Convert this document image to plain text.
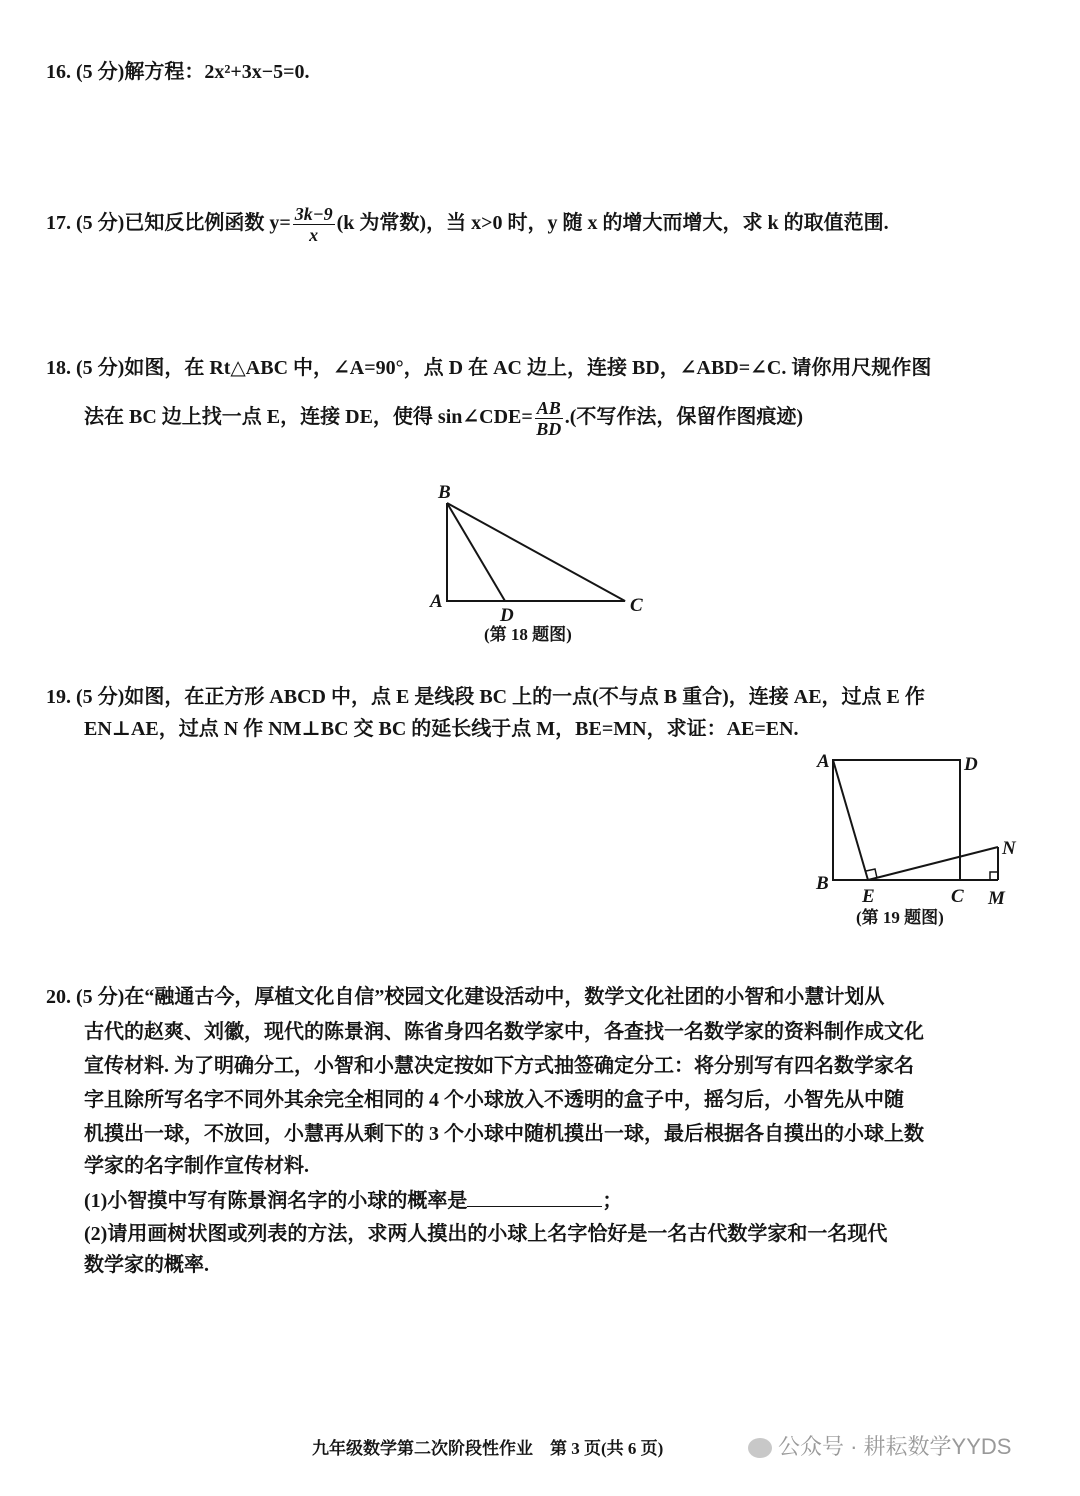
16. (5 分)解方程：2x²+3x−5=0.
17. (5 分)已知反比例函数 $y= \frac{3k-9}{x} (k$ 为常数)，当 x>0 时，y 随 x 的增大而增大，求 k 的取值范围.
18. (5 分)如图，在 Rt△ABC 中，∠A=90°，点 D 在 AC 边上，连接 BD，∠ABD=∠C. 请你用尺规作图
法在 BC 边上找一点 E，连接 DE，使得 sin∠CDE= $\frac{AB}{BD}$ .(不写作法，保留作图痕迹)
B
A
D	C
(第 18 题图)
A	D
B
E	C M
N
(第 19 题图)
19. (5 分)如图，在正方形 ABCD 中，点 E 是线段 BC 上的一点(不与点 B 重合)，连接 AE，过点 E 作
EN⊥AE，过点 N 作 NM⊥BC 交 BC 的延长线于点 M，BE=MN，求证：AE=EN.
20. (5 分)在“融通古今，厚植文化自信”校园文化建设活动中，数学文化社团的小智和小慧计划从
古代的赵爽、刘徽，现代的陈景润、陈省身四名数学家中，各查找一名数学家的资料制作成文化
宣传材料. 为了明确分工，小智和小慧决定按如下方式抽签确定分工：将分别写有四名数学家名
字且除所写名字不同外其余完全相同的 4 个小球放入不透明的盒子中，摇匀后，小智先从中随
机摸出一球，不放回，小慧再从剩下的 3 个小球中随机摸出一球，最后根据各自摸出的小球上数
学家的名字制作宣传材料.
(1)小智摸中写有陈景润名字的小球的概率是	；
(2)请用画树状图或列表的方法，求两人摸出的小球上名字恰好是一名古代数学家和一名现代
数学家的概率.
九年级数学第二次阶段性作业　第 3 页(共 6 页)	公众号 · 耕耘数学YYDS
